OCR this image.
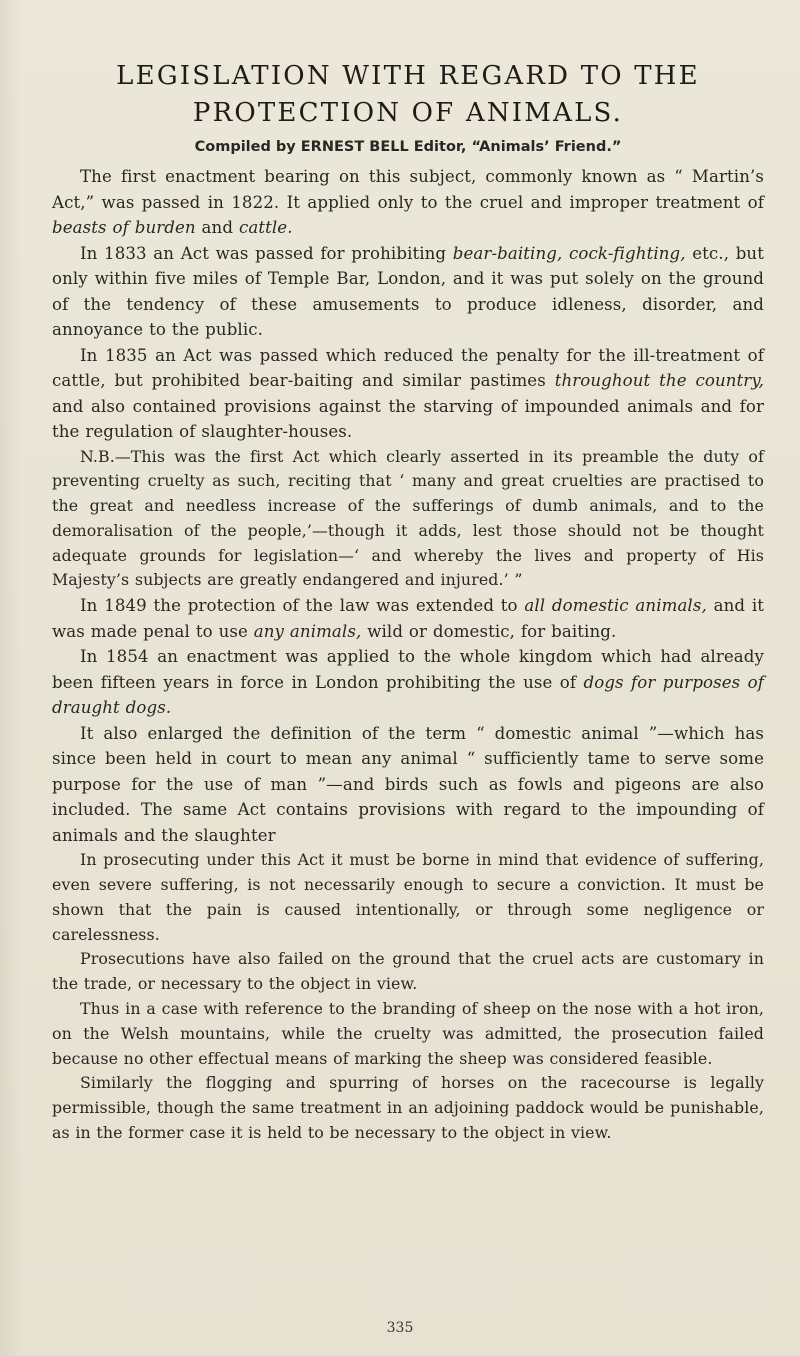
LEGISLATION WITH REGARD TO THE
PROTECTION OF ANIMALS.
Compiled by ERNEST BELL Editor, “Animals’ Friend.”

The first enactment bearing on this subject, commonly known as “ Martin’s Act,” was passed in 1822. It applied only to the cruel and improper treatment of beasts of burden and cattle.

In 1833 an Act was passed for prohibiting bear-baiting, cock-fighting, etc., but only within five miles of Temple Bar, London, and it was put solely on the ground of the tendency of these amusements to produce idleness, disorder, and annoyance to the public.

In 1835 an Act was passed which reduced the penalty for the ill-treatment of cattle, but prohibited bear-baiting and similar pastimes throughout the country, and also contained provisions against the starving of impounded animals and for the regulation of slaughter-houses.

N.B.—This was the first Act which clearly asserted in its preamble the duty of preventing cruelty as such, reciting that ‘ many and great cruelties are practised to the great and needless increase of the sufferings of dumb animals, and to the demoralisation of the people,’—though it adds, lest those should not be thought adequate grounds for legislation—‘ and whereby the lives and property of His Majesty’s subjects are greatly endangered and injured.’ ”

In 1849 the protection of the law was extended to all domestic animals, and it was made penal to use any animals, wild or domestic, for baiting.

In 1854 an enactment was applied to the whole kingdom which had already been fifteen years in force in London prohibiting the use of dogs for purposes of draught dogs.

It also enlarged the definition of the term “ domestic animal ”—which has since been held in court to mean any animal “ sufficiently tame to serve some purpose for the use of man ”—and birds such as fowls and pigeons are also included. The same Act contains provisions with regard to the impounding of animals and the slaughter

In prosecuting under this Act it must be borne in mind that evidence of suffering, even severe suffering, is not necessarily enough to secure a conviction. It must be shown that the pain is caused intentionally, or through some negligence or carelessness.

Prosecutions have also failed on the ground that the cruel acts are customary in the trade, or necessary to the object in view.

Thus in a case with reference to the branding of sheep on the nose with a hot iron, on the Welsh mountains, while the cruelty was admitted, the prosecution failed because no other effectual means of marking the sheep was considered feasible.

Similarly the flogging and spurring of horses on the racecourse is legally permissible, though the same treatment in an adjoining paddock would be punishable, as in the former case it is held to be necessary to the object in view.

335
